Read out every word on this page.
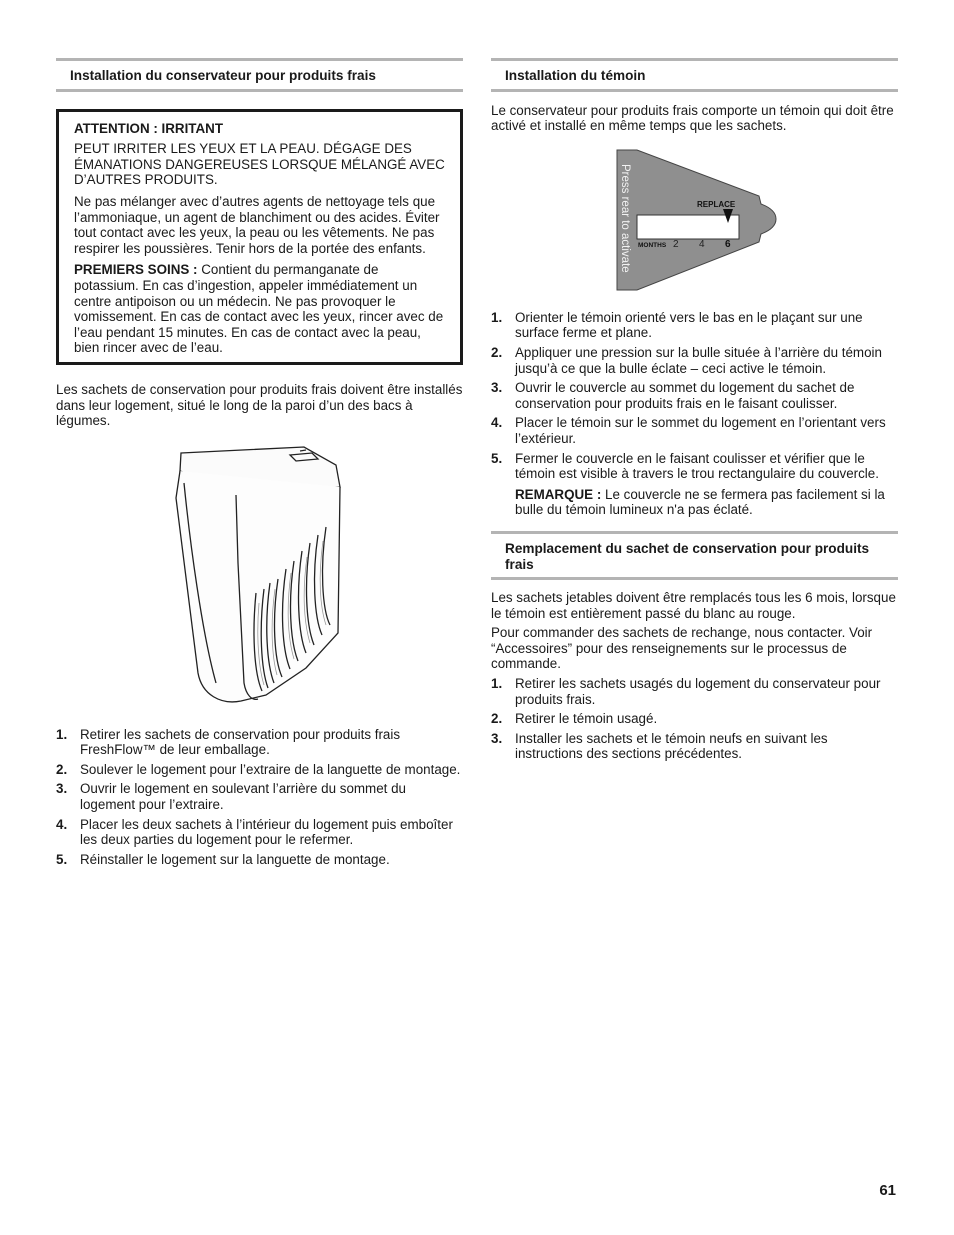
Installation du conservateur pour produits frais

ATTENTION : IRRITANT

PEUT IRRITER LES YEUX ET LA PEAU. DÉGAGE DES ÉMANATIONS DANGEREUSES LORSQUE MÉLANGÉ AVEC D’AUTRES PRODUITS.

Ne pas mélanger avec d’autres agents de nettoyage tels que l’ammoniaque, un agent de blanchiment ou des acides. Éviter tout contact avec les yeux, la peau ou les vêtements. Ne pas respirer les poussières. Tenir hors de la portée des enfants.

PREMIERS SOINS : Contient du permanganate de potassium. En cas d’ingestion, appeler immédiatement un centre antipoison ou un médecin. Ne pas provoquer le vomissement. En cas de contact avec les yeux, rincer avec de l’eau pendant 15 minutes. En cas de contact avec la peau, bien rincer avec de l’eau.

Les sachets de conservation pour produits frais doivent être installés dans leur logement, situé le long de la paroi d’un des bacs à légumes.

1. Retirer les sachets de conservation pour produits frais FreshFlow™ de leur emballage.
2. Soulever le logement pour l’extraire de la languette de montage.
3. Ouvrir le logement en soulevant l’arrière du sommet du logement pour l’extraire.
4. Placer les deux sachets à l’intérieur du logement puis emboîter les deux parties du logement pour le refermer.
5. Réinstaller le logement sur la languette de montage.
Installation du témoin

Le conservateur pour produits frais comporte un témoin qui doit être activé et installé en même temps que les sachets.

Press rear to activate	REPLACE
MONTHS 2 4 6
1. Orienter le témoin orienté vers le bas en le plaçant sur une surface ferme et plane.
2. Appliquer une pression sur la bulle située à l’arrière du témoin jusqu’à ce que la bulle éclate – ceci active le témoin.
3. Ouvrir le couvercle au sommet du logement du sachet de conservation pour produits frais en le faisant coulisser.
4. Placer le témoin sur le sommet du logement en l’orientant vers l’extérieur.
5. Fermer le couvercle en le faisant coulisser et vérifier que le témoin est visible à travers le trou rectangulaire du couvercle.
REMARQUE : Le couvercle ne se fermera pas facilement si la bulle du témoin lumineux n'a pas éclaté.
Remplacement du sachet de conservation pour produits frais

Les sachets jetables doivent être remplacés tous les 6 mois, lorsque le témoin est entièrement passé du blanc au rouge.

Pour commander des sachets de rechange, nous contacter. Voir “Accessoires” pour des renseignements sur le processus de commande.

1. Retirer les sachets usagés du logement du conservateur pour produits frais.
2. Retirer le témoin usagé.
3. Installer les sachets et le témoin neufs en suivant les instructions des sections précédentes.
61
